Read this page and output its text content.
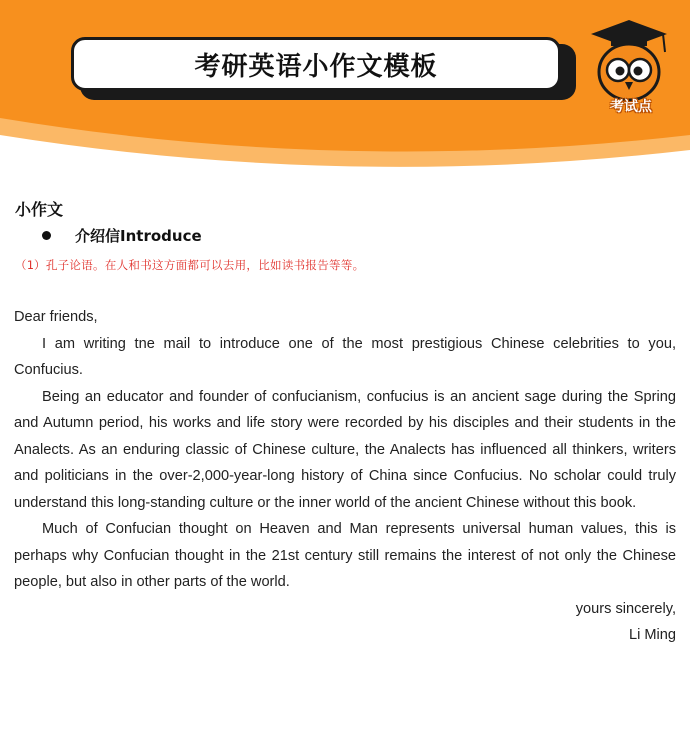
考研英语小作文模板
考试点
小作文
介绍信Introduce
（1）孔子论语。在人和书这方面都可以去用，比如读书报告等等。

Dear friends,

I am writing tne mail to introduce one of the most prestigious Chinese celebrities to you, Confucius.

Being an educator and founder of confucianism, confucius is an ancient sage during the Spring and Autumn period, his works and life story were recorded by his disciples and their students in the Analects. As an enduring classic of Chinese culture, the Analects has influenced all thinkers, writers and politicians in the over-2,000-year-long history of China since Confucius. No scholar could truly understand this long-standing culture or the inner world of the ancient Chinese without this book.

Much of Confucian thought on Heaven and Man represents universal human values, this is perhaps why Confucian thought in the 21st century still remains the interest of not only the Chinese people, but also in other parts of the world.

yours sincerely,

Li Ming
